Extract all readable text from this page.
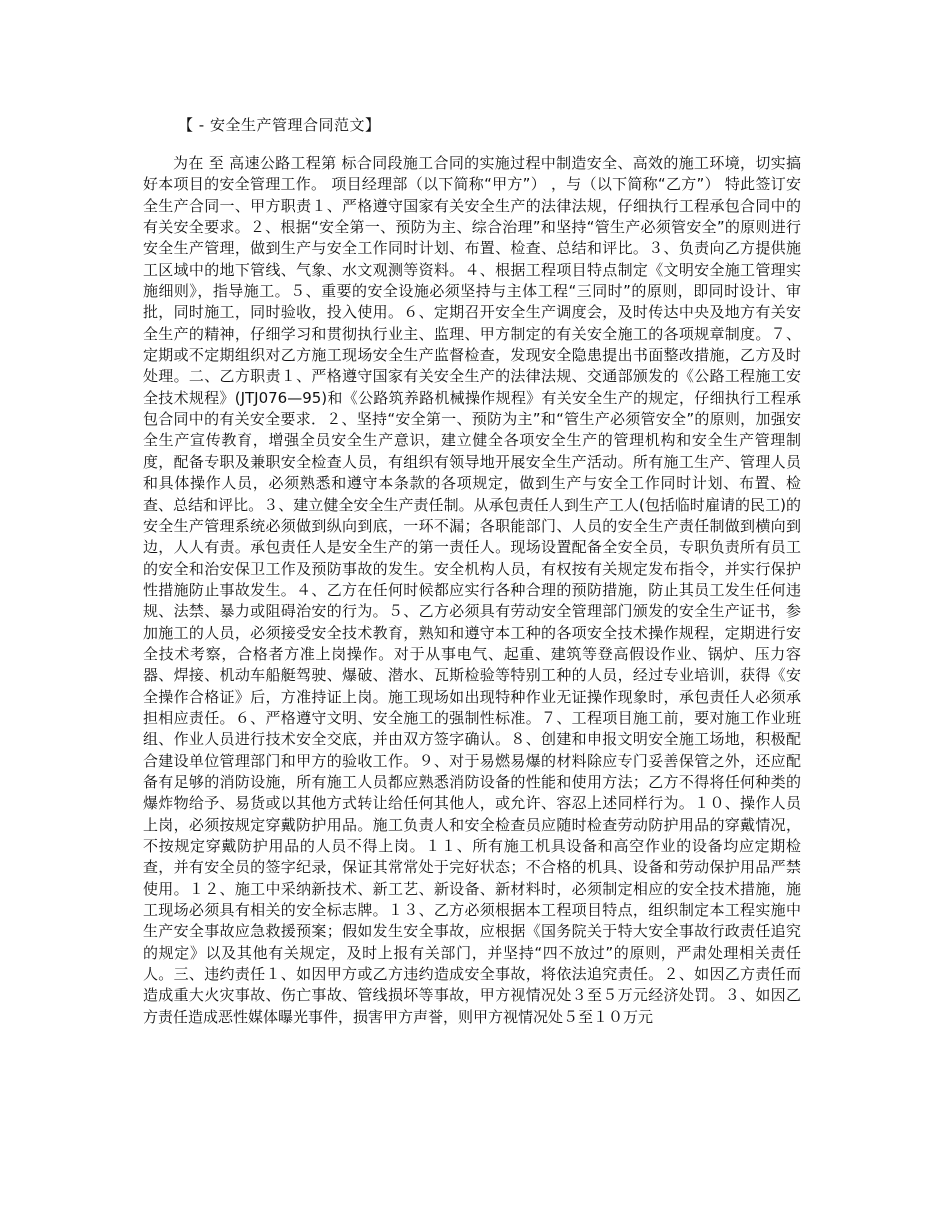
【 - 安全生产管理合同范文】

为在 至 高速公路工程第 标合同段施工合同的实施过程中制造安全、高效的施工环境，切实搞好本项目的安全管理工作。 项目经理部（以下简称“甲方”） ，与（以下简称“乙方”） 特此签订安全生产合同一、甲方职责１、严格遵守国家有关安全生产的法律法规，仔细执行工程承包合同中的有关安全要求。２、根据“安全第一、预防为主、综合治理”和坚持“管生产必须管安全”的原则进行安全生产管理，做到生产与安全工作同时计划、布置、检查、总结和评比。３、负责向乙方提供施工区域中的地下管线、气象、水文观测等资料。４、根据工程项目特点制定《文明安全施工管理实施细则》，指导施工。５、重要的安全设施必须坚持与主体工程“三同时”的原则，即同时设计、审批，同时施工，同时验收，投入使用。６、定期召开安全生产调度会，及时传达中央及地方有关安全生产的精神，仔细学习和贯彻执行业主、监理、甲方制定的有关安全施工的各项规章制度。７、定期或不定期组织对乙方施工现场安全生产监督检查，发现安全隐患提出书面整改措施，乙方及时处理。二、乙方职责１、严格遵守国家有关安全生产的法律法规、交通部颁发的《公路工程施工安全技术规程》(JTJ076—95)和《公路筑养路机械操作规程》有关安全生产的规定，仔细执行工程承包合同中的有关安全要求．２、坚持“安全第一、预防为主”和“管生产必须管安全”的原则，加强安全生产宣传教育，增强全员安全生产意识，建立健全各项安全生产的管理机构和安全生产管理制度，配备专职及兼职安全检查人员，有组织有领导地开展安全生产活动。所有施工生产、管理人员和具体操作人员，必须熟悉和遵守本条款的各项规定，做到生产与安全工作同时计划、布置、检查、总结和评比。３、建立健全安全生产责任制。从承包责任人到生产工人(包括临时雇请的民工)的安全生产管理系统必须做到纵向到底，一环不漏；各职能部门、人员的安全生产责任制做到横向到边，人人有责。承包责任人是安全生产的第一责任人。现场设置配备全安全员，专职负责所有员工的安全和治安保卫工作及预防事故的发生。安全机构人员，有权按有关规定发布指令，并实行保护性措施防止事故发生。４、乙方在任何时候都应实行各种合理的预防措施，防止其员工发生任何违规、法禁、暴力或阻碍治安的行为。５、乙方必须具有劳动安全管理部门颁发的安全生产证书，参加施工的人员，必须接受安全技术教育，熟知和遵守本工种的各项安全技术操作规程，定期进行安全技术考察，合格者方准上岗操作。对于从事电气、起重、建筑等登高假设作业、锅炉、压力容器、焊接、机动车船艇驾驶、爆破、潜水、瓦斯检验等特别工种的人员，经过专业培训，获得《安全操作合格证》后，方准持证上岗。施工现场如出现特种作业无证操作现象时，承包责任人必须承担相应责任。６、严格遵守文明、安全施工的强制性标准。７、工程项目施工前，要对施工作业班组、作业人员进行技术安全交底，并由双方签字确认。８、创建和申报文明安全施工场地，积极配合建设单位管理部门和甲方的验收工作。９、对于易燃易爆的材料除应专门妥善保管之外，还应配备有足够的消防设施，所有施工人员都应熟悉消防设备的性能和使用方法；乙方不得将任何种类的爆炸物给予、易货或以其他方式转让给任何其他人，或允许、容忍上述同样行为。１０、操作人员上岗，必须按规定穿戴防护用品。施工负责人和安全检查员应随时检查劳动防护用品的穿戴情况，不按规定穿戴防护用品的人员不得上岗。１１、所有施工机具设备和高空作业的设备均应定期检查，并有安全员的签字纪录，保证其常常处于完好状态；不合格的机具、设备和劳动保护用品严禁使用。１２、施工中采纳新技术、新工艺、新设备、新材料时，必须制定相应的安全技术措施，施工现场必须具有相关的安全标志牌。１３、乙方必须根据本工程项目特点，组织制定本工程实施中生产安全事故应急救援预案；假如发生安全事故，应根据《国务院关于特大安全事故行政责任追究的规定》以及其他有关规定，及时上报有关部门，并坚持“四不放过”的原则，严肃处理相关责任人。三、违约责任１、如因甲方或乙方违约造成安全事故，将依法追究责任。２、如因乙方责任而造成重大火灾事故、伤亡事故、管线损坏等事故，甲方视情况处３至５万元经济处罚。３、如因乙方责任造成恶性媒体曝光事件，损害甲方声誉，则甲方视情况处５至１０万元
